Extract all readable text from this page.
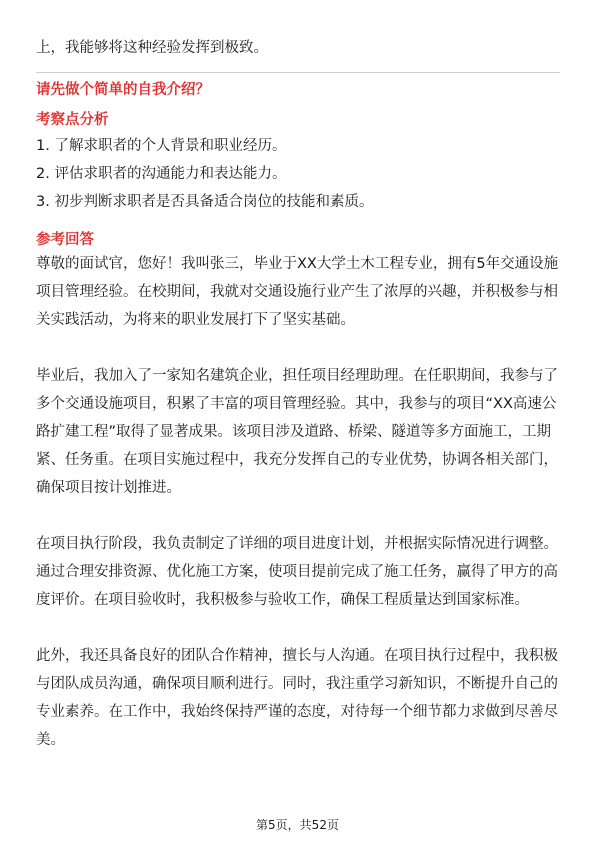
上，我能够将这种经验发挥到极致。
请先做个简单的自我介绍？
考察点分析
1. 了解求职者的个人背景和职业经历。
2. 评估求职者的沟通能力和表达能力。
3. 初步判断求职者是否具备适合岗位的技能和素质。
参考回答
尊敬的面试官，您好！我叫张三，毕业于XX大学土木工程专业，拥有5年交通设施
项目管理经验。在校期间，我就对交通设施行业产生了浓厚的兴趣，并积极参与相
关实践活动，为将来的职业发展打下了坚实基础。
毕业后，我加入了一家知名建筑企业，担任项目经理助理。在任职期间，我参与了
多个交通设施项目，积累了丰富的项目管理经验。其中，我参与的项目“XX高速公
路扩建工程”取得了显著成果。该项目涉及道路、桥梁、隧道等多方面施工，工期
紧、任务重。在项目实施过程中，我充分发挥自己的专业优势，协调各相关部门，
确保项目按计划推进。
在项目执行阶段，我负责制定了详细的项目进度计划，并根据实际情况进行调整。
通过合理安排资源、优化施工方案，使项目提前完成了施工任务，赢得了甲方的高
度评价。在项目验收时，我积极参与验收工作，确保工程质量达到国家标准。
此外，我还具备良好的团队合作精神，擅长与人沟通。在项目执行过程中，我积极
与团队成员沟通，确保项目顺利进行。同时，我注重学习新知识，不断提升自己的
专业素养。在工作中，我始终保持严谨的态度，对待每一个细节都力求做到尽善尽
美。
第5页，共52页
